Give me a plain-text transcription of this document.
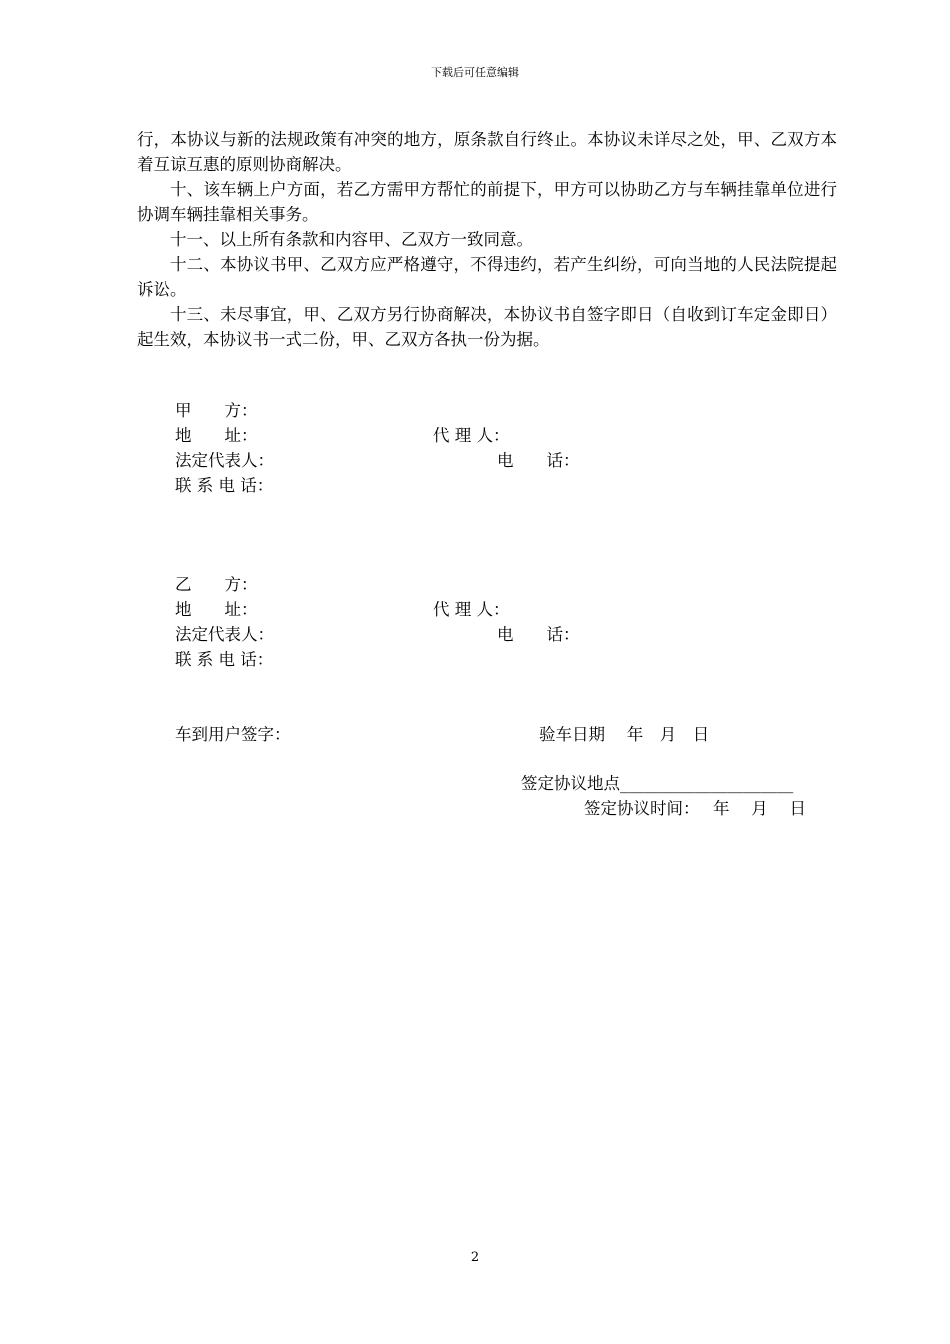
下载后可任意编辑

行，本协议与新的法规政策有冲突的地方，原条款自行终止。本协议未详尽之处，甲、乙双方本着互谅互惠的原则协商解决。

十、该车辆上户方面，若乙方需甲方帮忙的前提下，甲方可以协助乙方与车辆挂靠单位进行协调车辆挂靠相关事务。

十一、以上所有条款和内容甲、乙双方一致同意。

十二、本协议书甲、乙双方应严格遵守，不得违约，若产生纠纷，可向当地的人民法院提起诉讼。

十三、未尽事宜，甲、乙双方另行协商解决，本协议书自签字即日（自收到订车定金即日）起生效，本协议书一式二份，甲、乙双方各执一份为据。

甲　　方：
地　　址：	代 理 人：
法定代表人：	电　　话：
联 系 电 话：
乙　　方：
地　　址：	代 理 人：
法定代表人：	电　　话：
联 系 电 话：
车到用户签字：	验车日期　 年　月　日
签定协议地点_____________________
签定协议时间：　 年　 月　 日
2
